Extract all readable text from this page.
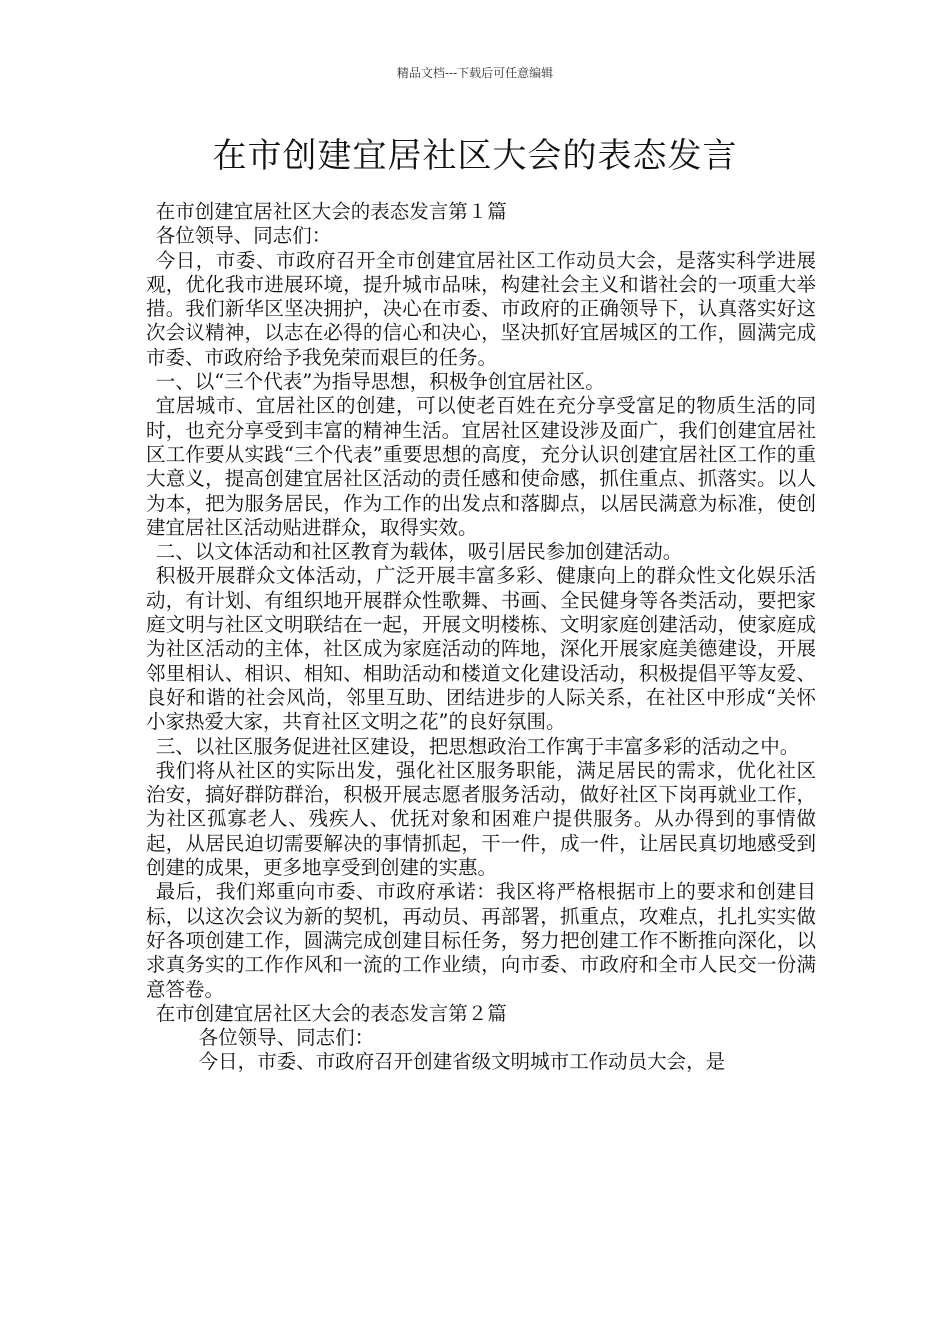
精品文档---下载后可任意编辑
在市创建宜居社区大会的表态发言

在市创建宜居社区大会的表态发言第１篇

各位领导、同志们：

今日，市委、市政府召开全市创建宜居社区工作动员大会，是落实科学进展观，优化我市进展环境，提升城市品味，构建社会主义和谐社会的一项重大举措。我们新华区坚决拥护，决心在市委、市政府的正确领导下，认真落实好这次会议精神，以志在必得的信心和决心，坚决抓好宜居城区的工作，圆满完成市委、市政府给予我免荣而艰巨的任务。

一、以“三个代表”为指导思想，积极争创宜居社区。

宜居城市、宜居社区的创建，可以使老百姓在充分享受富足的物质生活的同时，也充分享受到丰富的精神生活。宜居社区建设涉及面广，我们创建宜居社区工作要从实践“三个代表”重要思想的高度，充分认识创建宜居社区工作的重大意义，提高创建宜居社区活动的责任感和使命感，抓住重点、抓落实。以人为本，把为服务居民，作为工作的出发点和落脚点，以居民满意为标准，使创建宜居社区活动贴进群众，取得实效。

二、以文体活动和社区教育为载体，吸引居民参加创建活动。

积极开展群众文体活动，广泛开展丰富多彩、健康向上的群众性文化娱乐活动，有计划、有组织地开展群众性歌舞、书画、全民健身等各类活动，要把家庭文明与社区文明联结在一起，开展文明楼栋、文明家庭创建活动，使家庭成为社区活动的主体，社区成为家庭活动的阵地，深化开展家庭美德建设，开展邻里相认、相识、相知、相助活动和楼道文化建设活动，积极提倡平等友爱、良好和谐的社会风尚，邻里互助、团结进步的人际关系，在社区中形成“关怀小家热爱大家，共育社区文明之花”的良好氛围。

三、以社区服务促进社区建设，把思想政治工作寓于丰富多彩的活动之中。

我们将从社区的实际出发，强化社区服务职能，满足居民的需求，优化社区治安，搞好群防群治，积极开展志愿者服务活动，做好社区下岗再就业工作，为社区孤寡老人、残疾人、优抚对象和困难户提供服务。从办得到的事情做起，从居民迫切需要解决的事情抓起，干一件，成一件，让居民真切地感受到创建的成果，更多地享受到创建的实惠。

最后，我们郑重向市委、市政府承诺：我区将严格根据市上的要求和创建目标，以这次会议为新的契机，再动员、再部署，抓重点，攻难点，扎扎实实做好各项创建工作，圆满完成创建目标任务，努力把创建工作不断推向深化，以求真务实的工作作风和一流的工作业绩，向市委、市政府和全市人民交一份满意答卷。

在市创建宜居社区大会的表态发言第２篇

各位领导、同志们：

今日，市委、市政府召开创建省级文明城市工作动员大会，是
